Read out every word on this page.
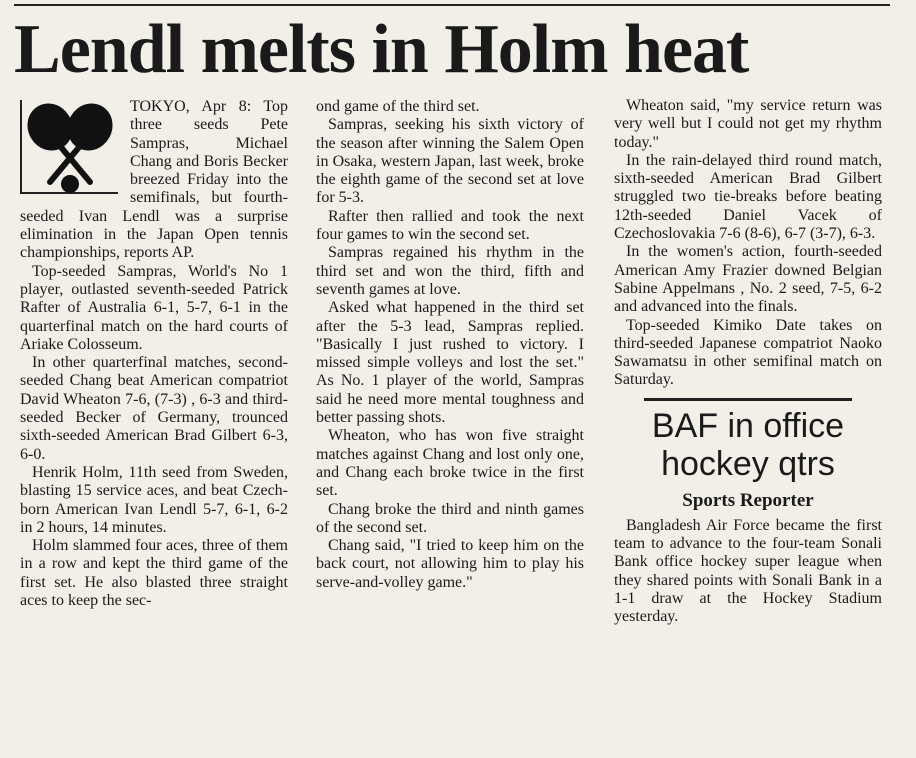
Lendl melts in Holm heat

TOKYO, Apr 8: Top three seeds Pete Sampras, Michael Chang and Boris Becker breezed Friday into the semifinals, but fourth-seeded Ivan Lendl was a surprise elimination in the Japan Open tennis championships, reports AP.

Top-seeded Sampras, World's No 1 player, outlasted seventh-seeded Patrick Rafter of Australia 6-1, 5-7, 6-1 in the quarterfinal match on the hard courts of Ariake Colosseum.

In other quarterfinal matches, second-seeded Chang beat American compatriot David Wheaton 7-6, (7-3) , 6-3 and third-seeded Becker of Germany, trounced sixth-seeded American Brad Gilbert 6-3, 6-0.

Henrik Holm, 11th seed from Sweden, blasting 15 service aces, and beat Czech-born American Ivan Lendl 5-7, 6-1, 6-2 in 2 hours, 14 minutes.

Holm slammed four aces, three of them in a row and kept the third game of the first set. He also blasted three straight aces to keep the sec-

ond game of the third set.

Sampras, seeking his sixth victory of the season after winning the Salem Open in Osaka, western Japan, last week, broke the eighth game of the second set at love for 5-3.

Rafter then rallied and took the next four games to win the second set.

Sampras regained his rhythm in the third set and won the third, fifth and seventh games at love.

Asked what happened in the third set after the 5-3 lead, Sampras replied. "Basically I just rushed to victory. I missed simple volleys and lost the set." As No. 1 player of the world, Sampras said he need more mental toughness and better passing shots.

Wheaton, who has won five straight matches against Chang and lost only one, and Chang each broke twice in the first set.

Chang broke the third and ninth games of the second set.

Chang said, "I tried to keep him on the back court, not allowing him to play his serve-and-volley game."

Wheaton said, "my service return was very well but I could not get my rhythm today."

In the rain-delayed third round match, sixth-seeded American Brad Gilbert struggled two tie-breaks before beating 12th-seeded Daniel Vacek of Czechoslovakia 7-6 (8-6), 6-7 (3-7), 6-3.

In the women's action, fourth-seeded American Amy Frazier downed Belgian Sabine Appelmans , No. 2 seed, 7-5, 6-2 and advanced into the finals.

Top-seeded Kimiko Date takes on third-seeded Japanese compatriot Naoko Sawamatsu in other semifinal match on Saturday.

BAF in office hockey qtrs
Sports Reporter

Bangladesh Air Force became the first team to advance to the four-team Sonali Bank office hockey super league when they shared points with Sonali Bank in a 1-1 draw at the Hockey Stadium yesterday.
